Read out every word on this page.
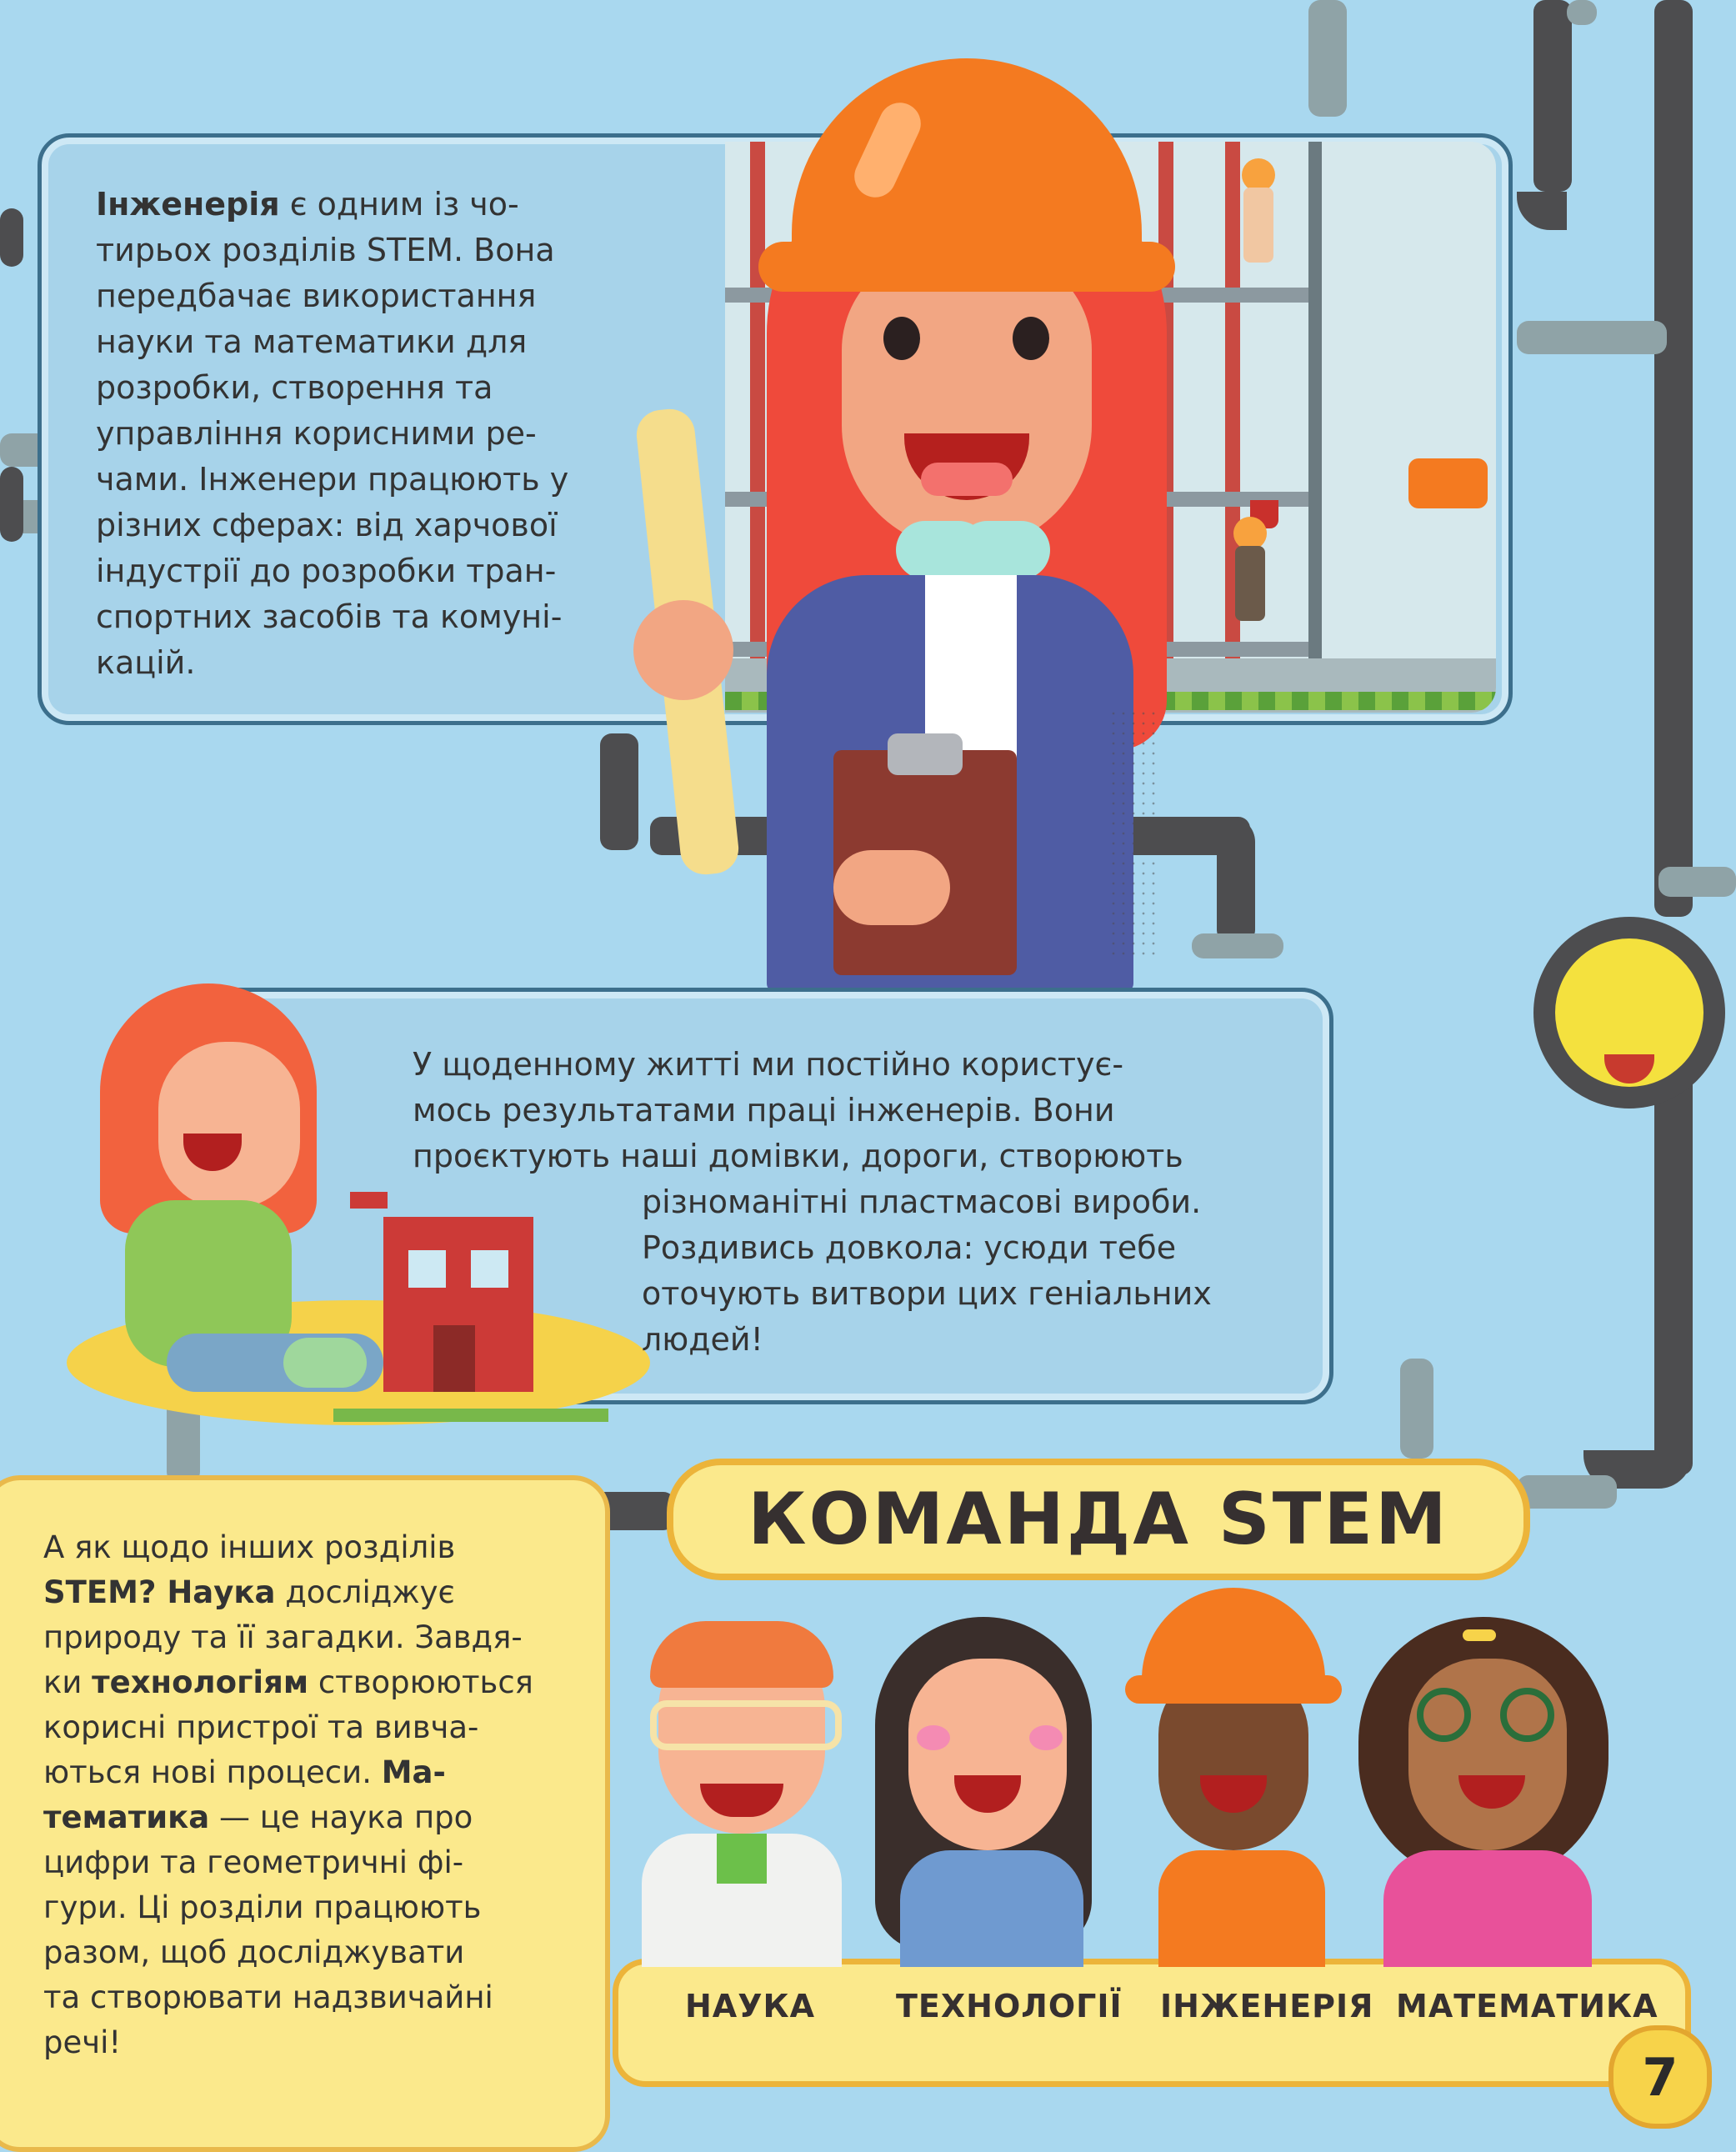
Інженерія є одним із чо-

тирьох розділів STEM. Вона

передбачає використання

науки та математики для

розробки, створення та

управління корисними ре-

чами. Інженери працюють у

різних сферах: від харчової

індустрії до розробки тран-

спортних засобів та комуні-

кацій.

У щоденному житті ми постійно користує-

мось результатами праці інженерів. Вони

проєктують наші домівки, дороги, створюють

різноманітні пластмасові вироби.

Роздивись довкола: усюди тебе

оточують витвори цих геніальних

людей!

А як щодо інших розділів

STEM? Наука досліджує

природу та її загадки. Завдя-

ки технологіям створюються

корисні пристрої та вивча-

ються нові процеси. Ма-

тематика — це наука про

цифри та геометричні фі-

гури. Ці розділи працюють

разом, щоб досліджувати

та створювати надзвичайні

речі!

КОМАНДА STEM
НАУКА	ТЕХНОЛОГІЇ ІНЖЕНЕРІЯ МАТЕМАТИКА
7
